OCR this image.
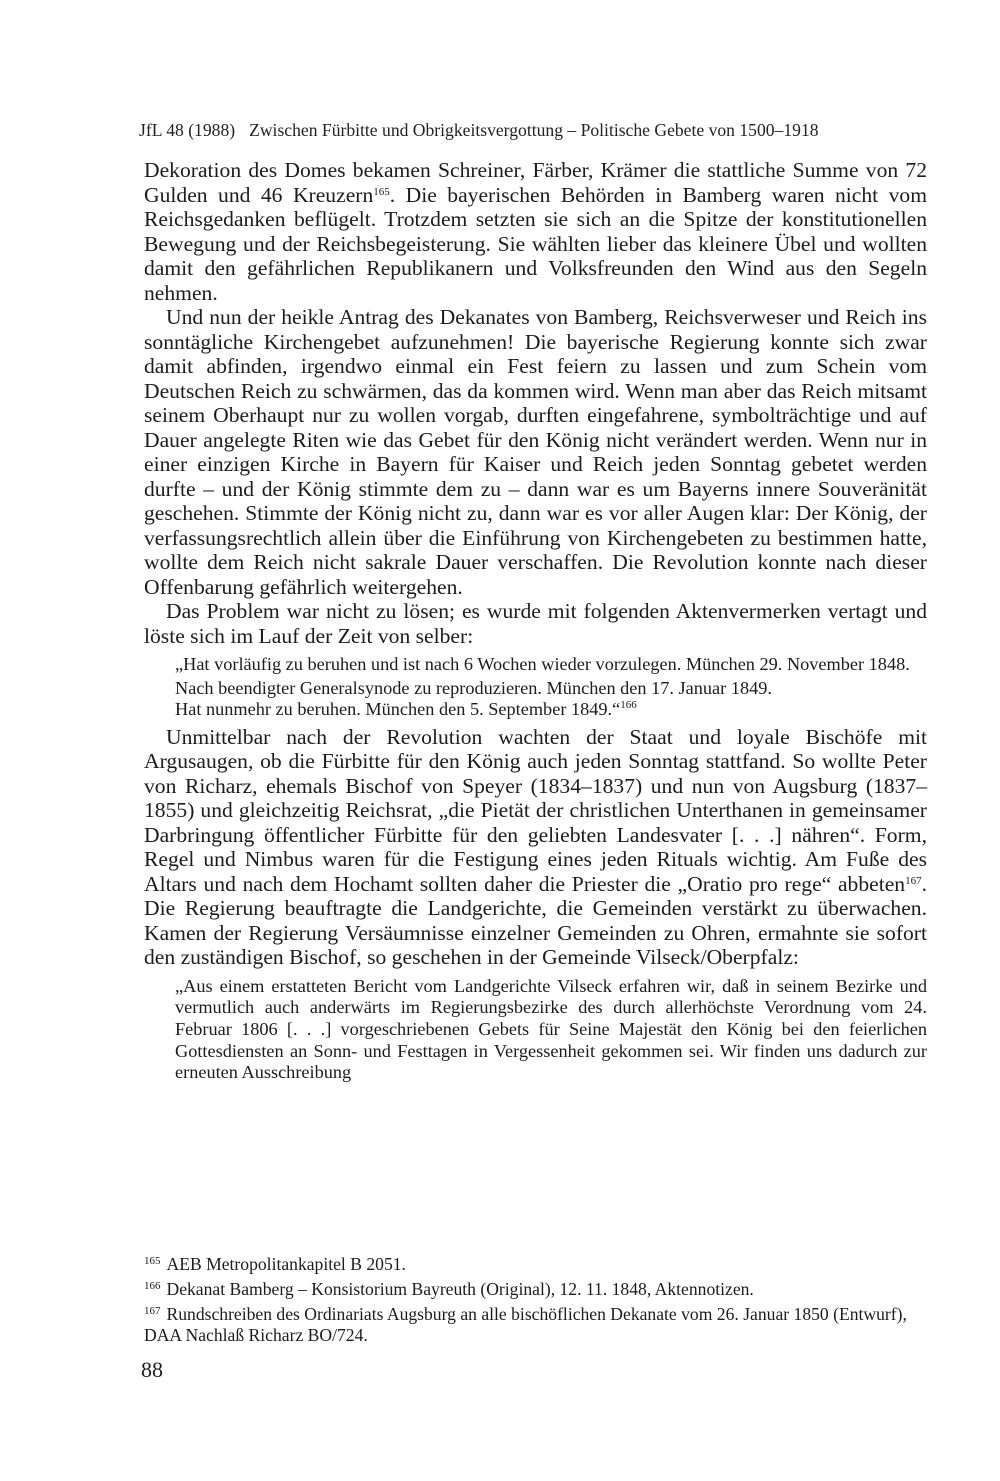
JfL 48 (1988) Zwischen Fürbitte und Obrigkeitsvergottung – Politische Gebete von 1500–1918

Dekoration des Domes bekamen Schreiner, Färber, Krämer die stattliche Summe von 72 Gulden und 46 Kreuzern$^{165}$. Die bayerischen Behörden in Bamberg waren nicht vom Reichsgedanken beflügelt. Trotzdem setzten sie sich an die Spitze der konstitutionellen Bewegung und der Reichsbegeisterung. Sie wählten lieber das kleinere Übel und wollten damit den gefährlichen Republikanern und Volksfreunden den Wind aus den Segeln nehmen.

Und nun der heikle Antrag des Dekanates von Bamberg, Reichsverweser und Reich ins sonntägliche Kirchengebet aufzunehmen! Die bayerische Regierung konnte sich zwar damit abfinden, irgendwo einmal ein Fest feiern zu lassen und zum Schein vom Deutschen Reich zu schwärmen, das da kommen wird. Wenn man aber das Reich mitsamt seinem Oberhaupt nur zu wollen vorgab, durften eingefahrene, symbolträchtige und auf Dauer angelegte Riten wie das Gebet für den König nicht verändert werden. Wenn nur in einer einzigen Kirche in Bayern für Kaiser und Reich jeden Sonntag gebetet werden durfte – und der König stimmte dem zu – dann war es um Bayerns innere Souveränität geschehen. Stimmte der König nicht zu, dann war es vor aller Augen klar: Der König, der verfassungsrechtlich allein über die Einführung von Kirchengebeten zu bestimmen hatte, wollte dem Reich nicht sakrale Dauer verschaffen. Die Revolution konnte nach dieser Offenbarung gefährlich weitergehen.

Das Problem war nicht zu lösen; es wurde mit folgenden Aktenvermerken vertagt und löste sich im Lauf der Zeit von selber:

„Hat vorläufig zu beruhen und ist nach 6 Wochen wieder vorzulegen. München 29. November 1848.

Nach beendigter Generalsynode zu reproduzieren. München den 17. Januar 1849.

Hat nunmehr zu beruhen. München den 5. September 1849.“$^{166}$

Unmittelbar nach der Revolution wachten der Staat und loyale Bischöfe mit Argusaugen, ob die Fürbitte für den König auch jeden Sonntag stattfand. So wollte Peter von Richarz, ehemals Bischof von Speyer (1834–1837) und nun von Augsburg (1837–1855) und gleichzeitig Reichsrat, „die Pietät der christlichen Unterthanen in gemeinsamer Darbringung öffentlicher Fürbitte für den geliebten Landesvater [. . .] nähren“. Form, Regel und Nimbus waren für die Festigung eines jeden Rituals wichtig. Am Fuße des Altars und nach dem Hochamt sollten daher die Priester die „Oratio pro rege“ abbeten$^{167}$. Die Regierung beauftragte die Landgerichte, die Gemeinden verstärkt zu überwachen. Kamen der Regierung Versäumnisse einzelner Gemeinden zu Ohren, ermahnte sie sofort den zuständigen Bischof, so geschehen in der Gemeinde Vilseck/Oberpfalz:

„Aus einem erstatteten Bericht vom Landgerichte Vilseck erfahren wir, daß in seinem Bezirke und vermutlich auch anderwärts im Regierungsbezirke des durch allerhöchste Verordnung vom 24. Februar 1806 [. . .] vorgeschriebenen Gebets für Seine Majestät den König bei den feierlichen Gottesdiensten an Sonn- und Festtagen in Vergessenheit gekommen sei. Wir finden uns dadurch zur erneuten Ausschreibung

$^{165}$ AEB Metropolitankapitel B 2051.

$^{166}$ Dekanat Bamberg – Konsistorium Bayreuth (Original), 12. 11. 1848, Aktennotizen.

$^{167}$ Rundschreiben des Ordinariats Augsburg an alle bischöflichen Dekanate vom 26. Januar 1850 (Entwurf), DAA Nachlaß Richarz BO/724.

88
